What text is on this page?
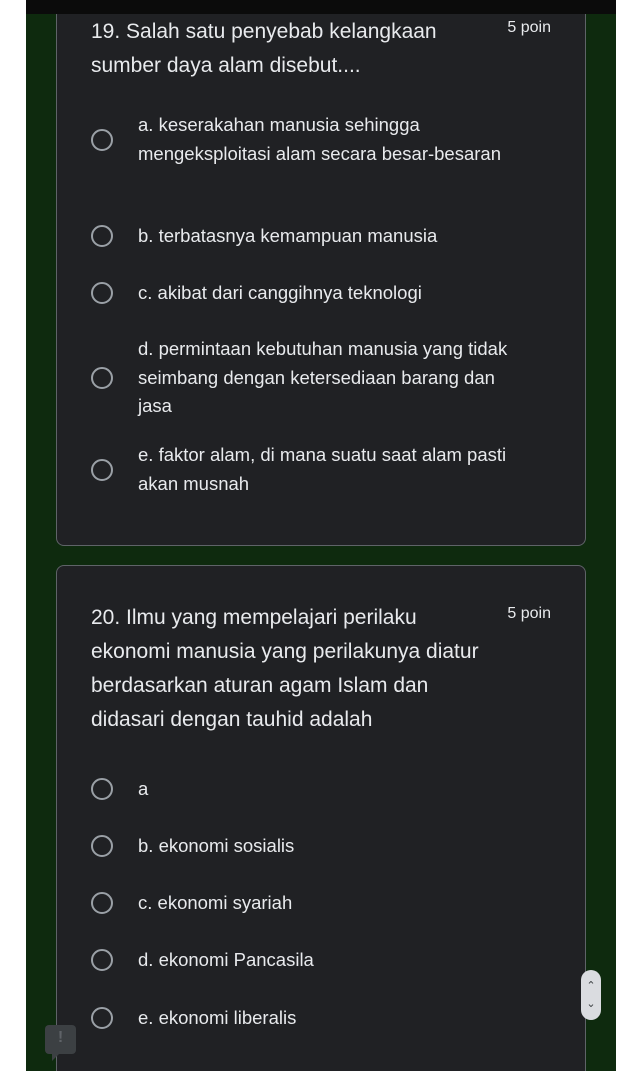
19. Salah satu penyebab kelangkaan sumber daya alam disebut....
5 poin
a. keserakahan manusia sehingga mengeksploitasi alam secara besar-besaran
b. terbatasnya kemampuan manusia
c. akibat dari canggihnya teknologi
d. permintaan kebutuhan manusia yang tidak seimbang dengan ketersediaan barang dan jasa
e. faktor alam, di mana suatu saat alam pasti akan musnah
20. Ilmu yang mempelajari perilaku ekonomi manusia yang perilakunya diatur berdasarkan aturan agam Islam dan didasari dengan tauhid adalah
5 poin
a
b. ekonomi sosialis
c. ekonomi syariah
d. ekonomi Pancasila
e. ekonomi liberalis
⌃
⌄
!
